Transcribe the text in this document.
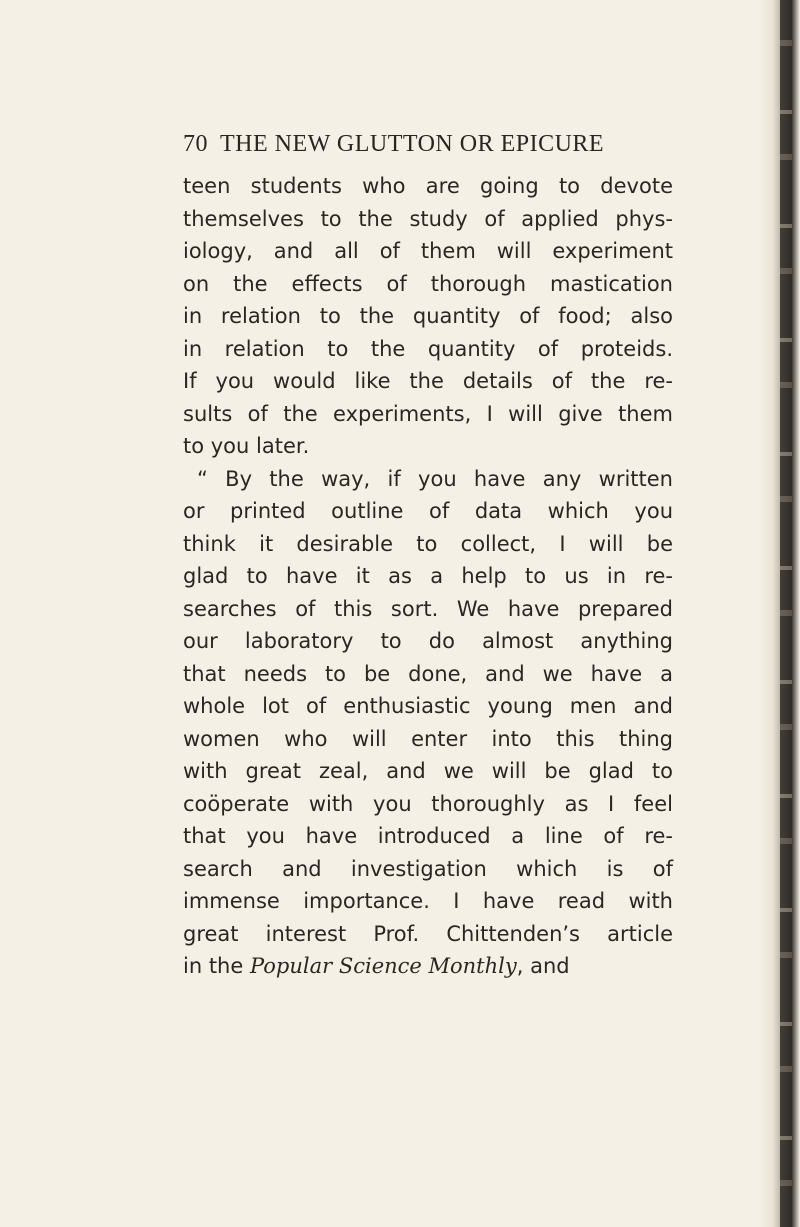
70 THE NEW GLUTTON OR EPICURE
teen students who are going to devote
themselves to the study of applied phys-
iology, and all of them will experiment
on the effects of thorough mastication
in relation to the quantity of food; also
in relation to the quantity of proteids.
If you would like the details of the re-
sults of the experiments, I will give them
to you later.
“ By the way, if you have any written
or printed outline of data which you
think it desirable to collect, I will be
glad to have it as a help to us in re-
searches of this sort. We have prepared
our laboratory to do almost anything
that needs to be done, and we have a
whole lot of enthusiastic young men and
women who will enter into this thing
with great zeal, and we will be glad to
coöperate with you thoroughly as I feel
that you have introduced a line of re-
search and investigation which is of
immense importance. I have read with
great interest Prof. Chittenden’s article
in the Popular Science Monthly, and
